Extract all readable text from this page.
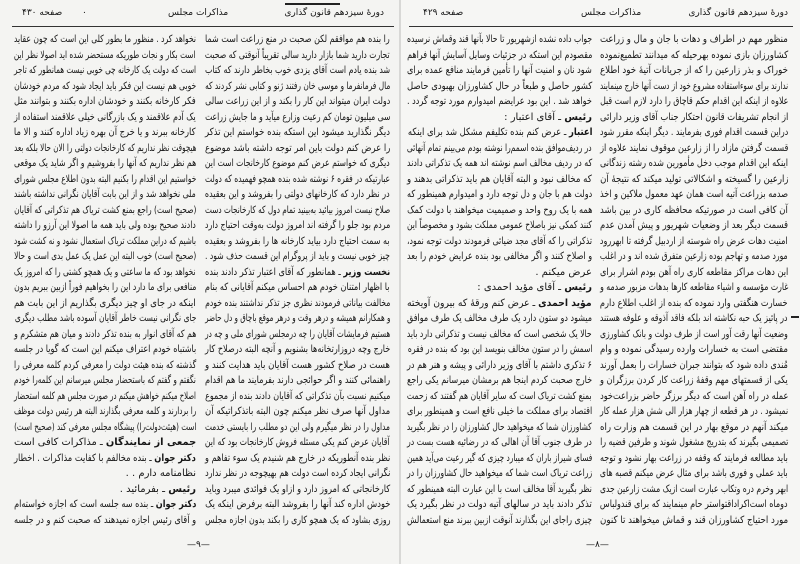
دورهٔ سیزدهم قانون گذاری
مذاکرات مجلس
۰
صفحه ۴۳۰
را بنده هم موافقم لکن صحبت در منع زراعت است شما
تجارت دارید شما بازار دارید سالی تقریباً آنوقتی که صحبت
شد بنده یادم است آقای یزدی خوب بخاطر دارند که کتاب
مال فرمانفرما و موسی خان رفتند ژنو و کتابی نشر کردند که
دولت ایران میتواند این کار را بکند و از این زراعت سالی
سی میلیون تومان کم رعیت وزارع میآید و ما جایش زراعت
دیگر نگذارید میشود این استکه بنده خواستم این تذکر
را عرض کنم دولت باین امر توجه داشته باشد موضوع
دیگری که خواستم عرض کنم موضوع کارخانجات است این
عبارتیکه در فقره ۶ نوشته شده بنده همچو فهمیده که دولت
در نظر دارد که کارخانهای دولتی را بفروشد و این بعقیده
صلاح نیست امروز بیائید به‌بینید تمام دول که کارخانجات دست
مردم بود جلو را گرفته اند امروز دولت به‌وقت احتیاج دارد
به سمت احتیاج دارد بیاید کارخانه ها را بفروشد و بعقیده
چیز خوبی نیست و باید از پروگرام این قسمت حذف شود .
نخست وزیر ـ همانطور که آقای اعتبار تذکر دادند بنده
با اظهار امتنان خودم هم احساس میکنم آقایانی که بنام
مخالفت بیاناتی فرمودند نظری جز تذکر نداشتند بنده خودم
و همکارانم همیشه و درهر وقت و درهر موقع باچاق و دل حاضر
هستیم فرمایشات آقایان را چه درمجلس شورای ملی و چه در
خارج وچه دروزارتخانه‌ها بشنویم و آنچه البته درصلاح کار
هست در صلاح کشور هست آقایان باید هدایت کنند و
راهنمائی کنند و اگر حوائجی دارند بفرمایند ما هم اقدام
میکنیم نسبت بآن تذکراتی که آقایان دادند بنده از مجموع
مداول آنها صرف نظر میکنم چون البته باتذکراتیکه آن
مداول را در نظر میگیرم ولی این دو مطلب را بایستی خدمت
آقایان عرض کنم یکی مسئله فروش کارخانجات بود که این
نظر بنده آنطوریکه در خارج هم شنیدم یک سوء تفاهم و
نگرانی ایجاد کرده است دولت هم بهیچوجه در نظر ندارد
کارخانجاتی که امروز دارد و ازاو یک فوائدی میبرد وباید
خودش اداره کند آنها را بفروشد البته برفرض اینکه یک
روزی بشاود که یک همچو کاری را بکند بدون اجازه مجلس
نخواهد کرد . منظور ما بطور کلی این است که چون عقاید
است بکار و نجات طوریکه مستحضر شده اید اصولا نظر این
است که دولت یک کارخانه چی خوبی نیست همانطور که تاجر
خوبی هم نیست این فکر باید ایجاد شود که مردم خودشان
فکر کارخانه بکنند و خودشان اداره بکنند و بتوانند مثل
یک آدم علاقمند و یک بازرگانی خیلی علاقمند استفاده از
کارخانه ببرند و یا خرج آن بهره زیاد اداره کنند و الا ما
هیچوقت نظر نداریم که کارخانجات دولتی را الان حالا بلکه بعد
هم نظر نداریم که آنها را بفروشیم و اگر شاید یک موقعی
خواستیم این اقدام را بکنیم البته بدون اطلاع مجلس شورای
ملی نخواهد شد و از این بابت آقایان نگرانی نداشته باشند
(صحیح است) راجع بمنع کشت تریاک هم تذکراتی که آقایان
دادند صحیح بوده ولی باید همه ما اصولا این آرزو را داشته
باشیم که دراین مملکت تریاک استعمال نشود و نه کشت شود
(صحیح است) خوب البته این عمل یک عمل بدی است و حالا
نخواهد بود که ما ساعتی و یک همچو کشتی را که امروز یک
منافعی برای ما دارد این را بخواهیم فوراً ازبین ببریم بدون
اینکه در جای او چیز دیگری بگذاریم از این بابت هم
جای نگرانی نیست خاطر آقایان آسوده باشد مطلب دیگری
هم که آقای انوار به بنده تذکر دادند و میان هم متشکرم و
باشتباه خودم اعتراف میکنم این است که گویا در جلسه
گذشته که بنده هیئت دولت را معرفی کردم کلمه معرفی را
نگفتم و گفتم که باستحضار مجلس میرسانم این کلمه‌را خودم
اصلاح میکنم خواهش میکنم در صورت مجلس هم کلمه استحضار
را بردارند و کلمه معرفی بگذارند البته هر رئیس دولت موظف
است (هیئت‌دولت‌را) پیشگاه مجلس معرفی کند (صحیح است)
جمعی از نمایندگان ـ مذاکرات کافی است
دکتر جوان ـ بنده مخالفم با کفایت مذاکرات . اخطار
نظامنامه دارم . .
رئیس ـ بفرمائید .
دکتر جوان ـ بنده سه جلسه است که اجازه خواسته‌ام
و آقای رئیس اجازه نمیدهند که صحبت کنم و در جلسه
—۹—
دورهٔ سیزدهم قانون گذاری
مذاکرات مجلس
صفحه ۴۲۹
منظور مهم در اطراف و دهات با جان و مال و زراعت
کشاورزان بازی نموده بهرحیله که میدانند تطمیع‌نموده
خوراک و بذر زارعین را که از جریانات آتیهٔ خود اطلاع
ندارند برای سوء‌استفاده مشروع خود از دست آنها خارج مینمایند
علاوه از اینکه این اقدام حکم قاچاق را دارد لازم است قبل
از انجام تشریفات قانون احتکار جناب آقای وزیر دارائی
دراین قسمت اقدام فوری بفرمایند . دیگر اینکه مقرر شود
قسمت گرفتن مازاد را از زارعین موقوف نمایند علاوه از
اینکه این اقدام موجب دخل مأمورین شده رشته زندگانی
زارعین را گسیخته و اشکالاتی تولید میکند که نتیجهٔ آن
صدمه بزراعت آتیه است همان عهد معمول ملاکین و اخذ
آن کافی است در صورتیکه محافظه کاری در بین باشد
قسمت دیگر بعد از وضعیات شهریور و پیش آمدن عدم
امنیت دهات عرض راه شوسته از اردبیل گرفته تا ابهررود
مورد صدمه و تهاجم بوده زارعین متفرق شده اند و در اغلب
این دهات مراکز مقاطعه کاری راه آهن بودم اشرار برای
غارت مؤسسه و اشیاء مقاطعه کارها بدهات مزبور صدمه و
خسارت هنگفتی وارد نموده که بنده از اغلب اطلاع دارم
در پائیز یک حبه نکاشته اند بلکه فاقد آذوقه و علوفه هستند
وضعیت آنها رقت آور است از طرف دولت و بانک کشاورزی
مقتضی است به خسارات وارده رسیدگی نموده و وام
مُندی داده شود که بتوانند جبران خسارات را بعمل آورند
یکی از قسمتهای مهم وقفهٔ زراعت کار کردن برزگران و
عمله در راه آهن است که دیگر برزگر حاضر بزراعت‌خود
نمیشود . در هر قطعه از چهار هزار الی شش هزار عمله کار
میکند آنهم در موقع بهار در این قسمت هم وزارت راه
تصمیمی بگیرند که بتدریج مشغول شوند و طرفین قضیه را
باید مطالعه فرمایند که وقفه در زراعت بهار نشود و توجه
باید عملی و فوری باشد برای مثال عرض میکنم قصبه های
ابهر وخرم دره وتکاب عبارت است ازیک مشت زارعین جدی
دوماه است‌اکراد‌اقتواستر حام مینمایند که برای قندولباس
مورد احتیاج کشاورزان قند و قماش میخواهند تا کنون
جواب داده نشده ازشهریور تا حالا بآنها قند وقماش نرسیده
مقصودم این استکه در جزئیات وسایل آسایش آنها فراهم
شود نان و امنیت آنها را تأمین فرمایند منافع عمده برای
کشور حاصل و طبعاً در حال کشاورزان بهبودی حاصل
خواهد شد . این بود عرایضم امیدوارم مورد توجه گردد .
رئیس ـ آقای اعتبار :
اعتبار ـ عرض کنم بنده تکلیفم مشکل شد برای اینکه
در ردیف‌موافق بنده اسمم‌را نوشته بودم می‌بینم تمام آنهائی
که در ردیف مخالف اسم نوشته اند همه یک تذکراتی دادند
که مخالف نبود و البته آقایان هم باید تذکراتی بدهند و
دولت هم با جان و دل توجه دارد و امیدوارم همینطور که
همه با یک روح واحد و صمیمیت میخواهند با دولت کمک
کنند کمکی نیز باصلاح عمومی مملکت بشود و مخصوصاً این
تذکراتی را که آقای مجد ضیائی فرمودند دولت توجه نمود،
و اصلاح کنند و اگر مخالفی بود بنده عرایض خودم را بعد
عرض میکنم .
رئیس ـ آقای مؤید احمدی :
مؤید احمدی ـ عرض کنم ورقهٔ که بیرون آویخته
میشود دو ستون دارد یک طرف مخالف یک طرف موافق
حالا یک شخصی است که مخالف نیست و تذکراتی دارد باید
اسمش را در ستون مخالف بنویسد این بود که بنده در فقره
۶ تذکری داشتم با آقای وزیر دارائی و پیشه و هنر هم در
خارج صحبت کردم اینجا هم برمشان میرسانم یکی راجع
بمنع کشت تریاک است که سایر آقایان هم گفتند که زحمت
اقتصاد برای مملکت ما خیلی نافع است و همینطور برای
کشاورزان شما که میخواهید حال کشاورزان را در نظر بگیرید
در طرف جنوب آقا آن اهالی که در رضائیه هست بست در
فسای شیراز باران که میبارد چیزی که گیر رعیت می‌آید همین
زراعت تریاک است شما که میخواهید حال کشاورزان را در
نظر بگیرید آقا مخالف است با این عبارت البته همینطور که
تذکر دادند باید در سالهای آتیه دولت در نظر بگیرد یک
چیزی راجای این بگذارند آنوقت ازبین ببرند منع استعمالش
—۸—
